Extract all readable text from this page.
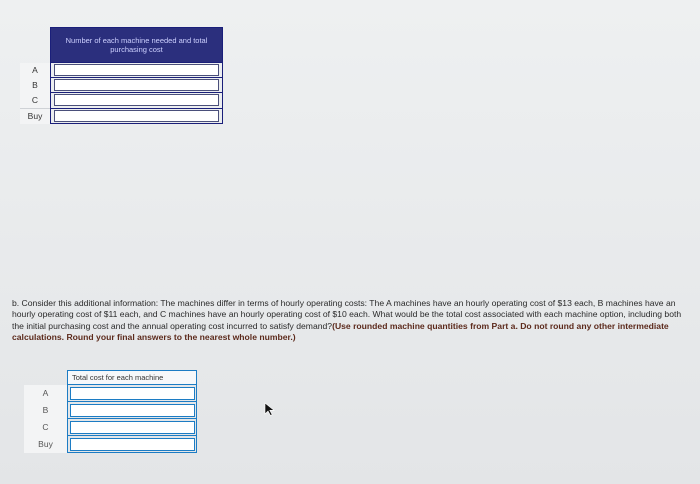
	Number of each machine needed and total purchasing cost
A	

B	

C	

Buy	
b. Consider this additional information: The machines differ in terms of hourly operating costs: The A machines have an hourly operating cost of $13 each, B machines have an hourly operating cost of $11 each, and C machines have an hourly operating cost of $10 each. What would be the total cost associated with each machine option, including both the initial purchasing cost and the annual operating cost incurred to satisfy demand?(Use rounded machine quantities from Part a. Do not round any other intermediate calculations. Round your final answers to the nearest whole number.)
	Total cost for each machine
A	

B	

C	

Buy	
